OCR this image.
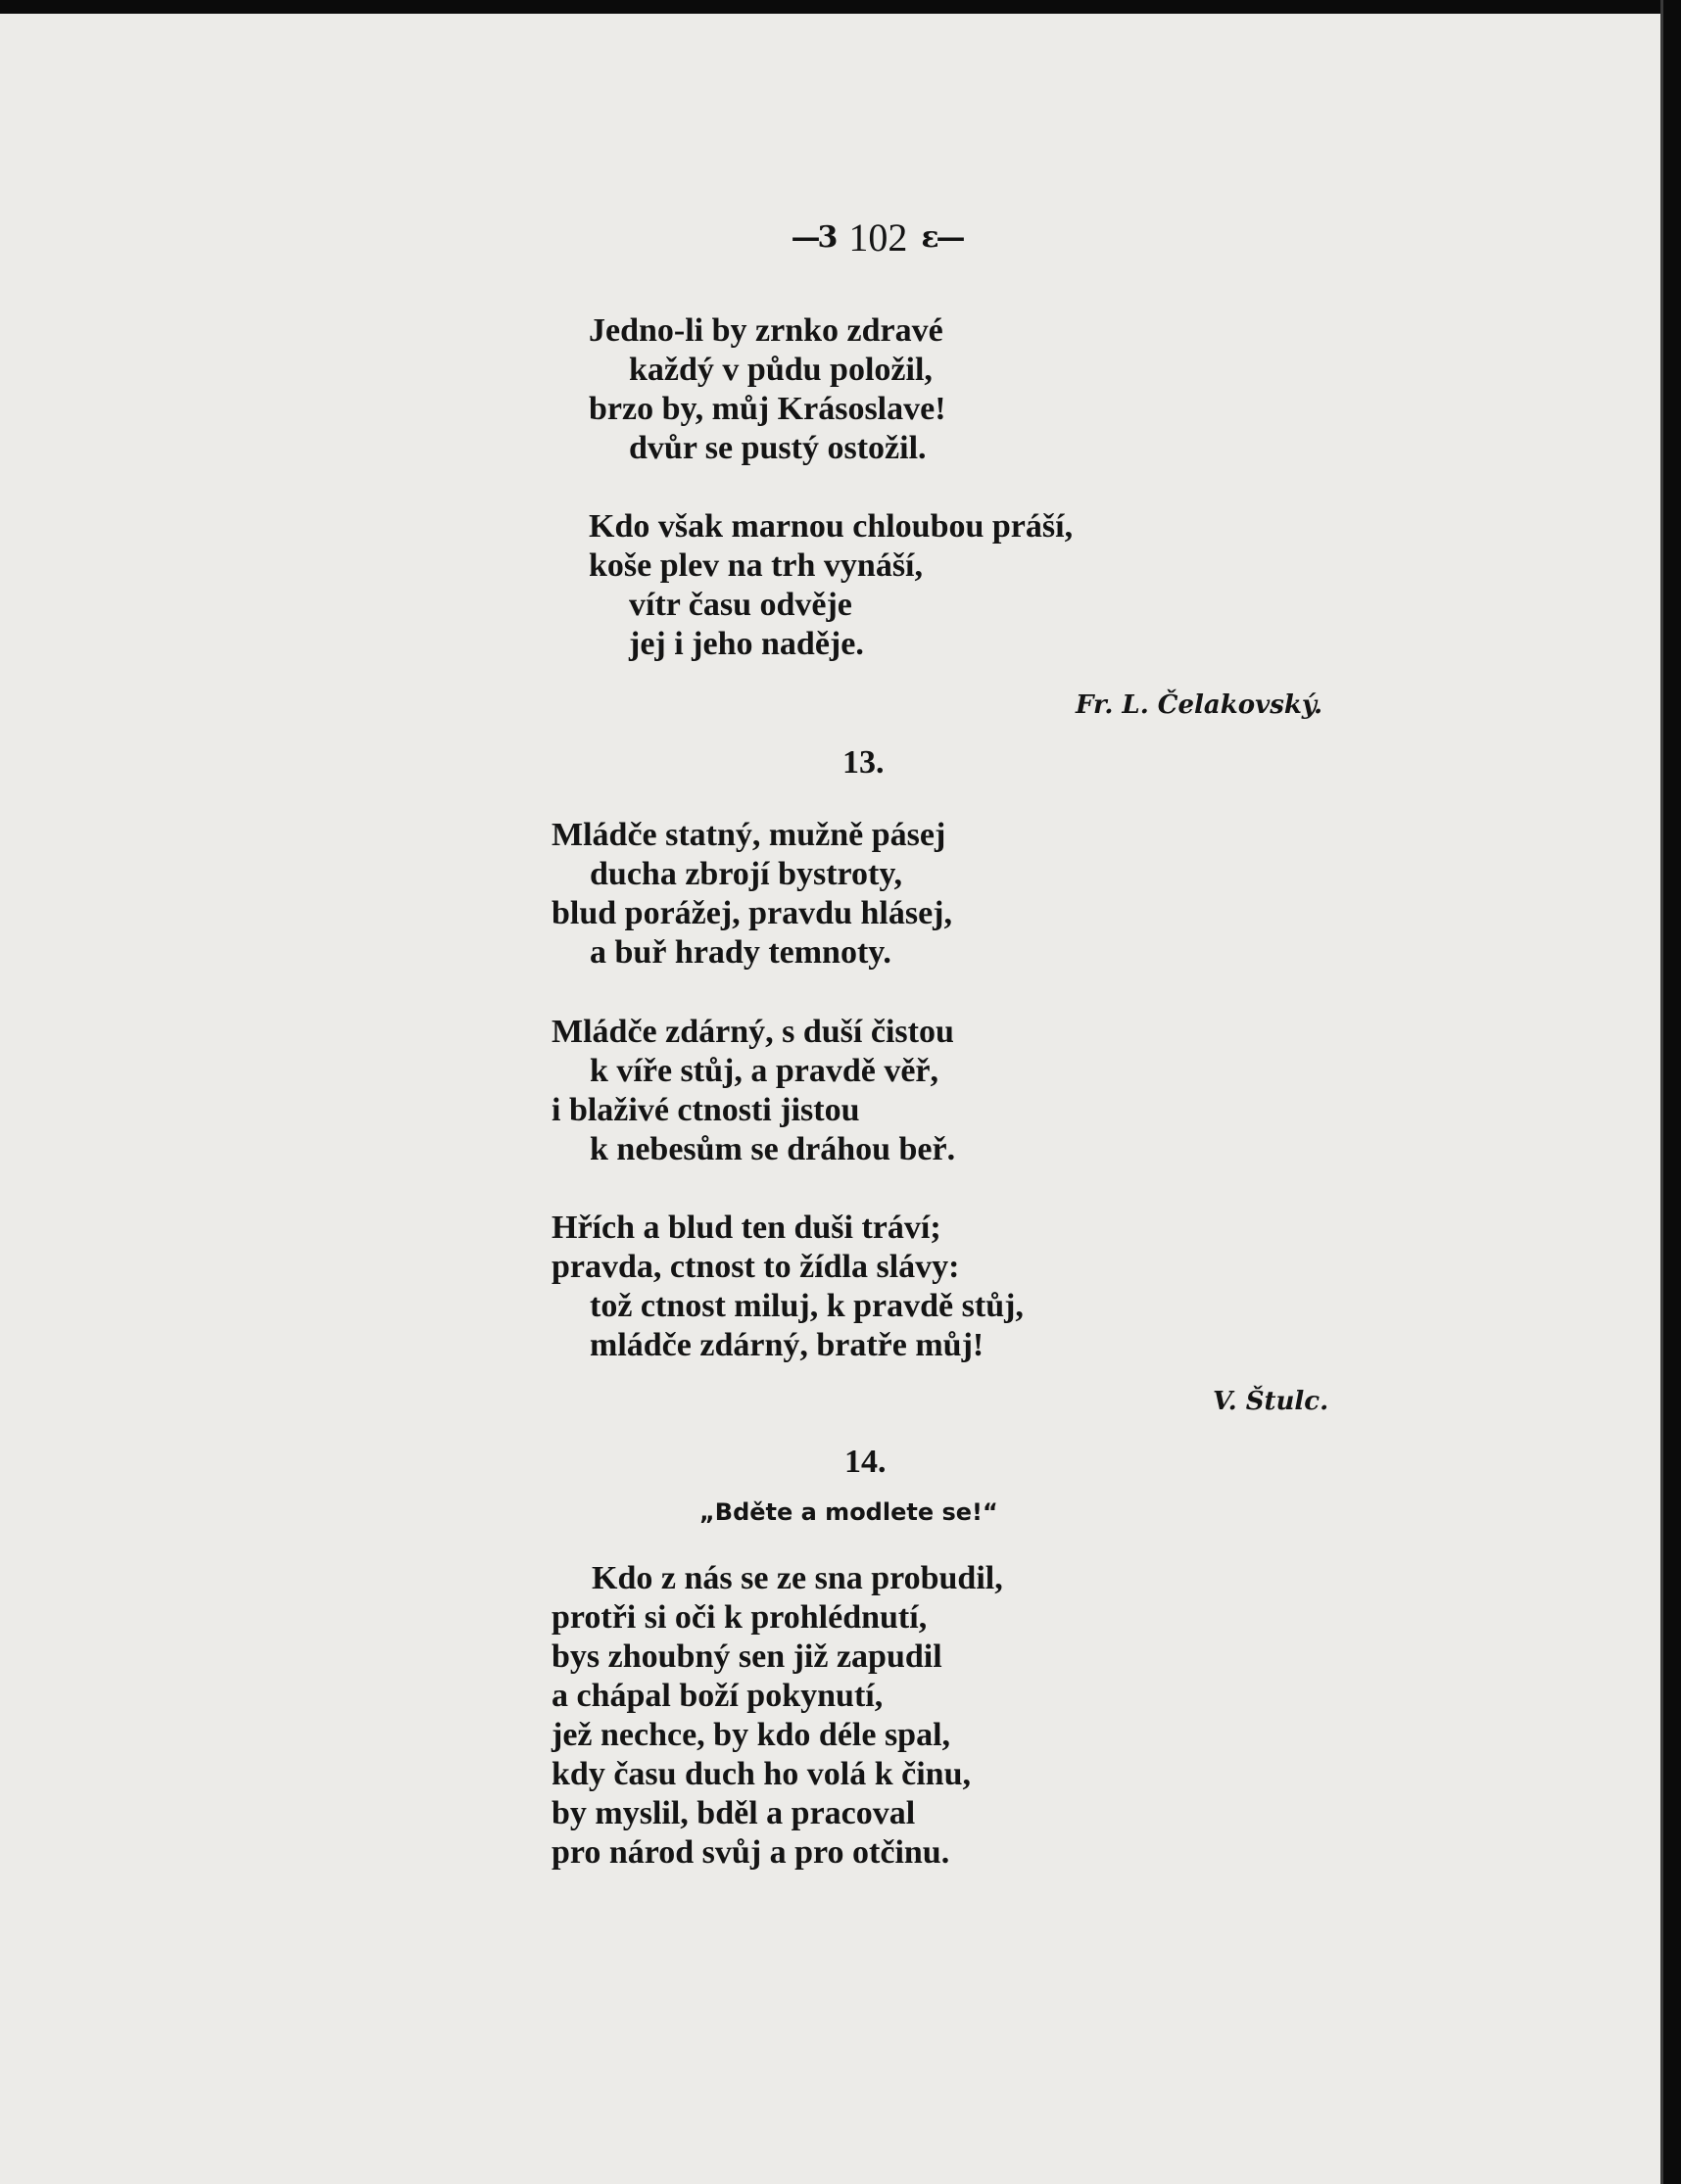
—3 102 ε—
Jedno-li by zrnko zdravé
každý v půdu položil,
brzo by, můj Krásoslave!
dvůr se pustý ostožil.
Kdo však marnou chloubou práší,
koše plev na trh vynáší,
vítr času odvěje
jej i jeho naděje.
Fr. L. Čelakovský.
13.
Mládče statný, mužně pásej
ducha zbrojí bystroty,
blud porážej, pravdu hlásej,
a buř hrady temnoty.
Mládče zdárný, s duší čistou
k víře stůj, a pravdě věř,
i blaživé ctnosti jistou
k nebesům se dráhou beř.
Hřích a blud ten duši tráví;
pravda, ctnost to žídla slávy:
tož ctnost miluj, k pravdě stůj,
mládče zdárný, bratře můj!
V. Štulc.
14.
„Bděte a modlete se!“
Kdo z nás se ze sna probudil,
protři si oči k prohlédnutí,
bys zhoubný sen již zapudil
a chápal boží pokynutí,
jež nechce, by kdo déle spal,
kdy času duch ho volá k činu,
by myslil, bděl a pracoval
pro národ svůj a pro otčinu.
